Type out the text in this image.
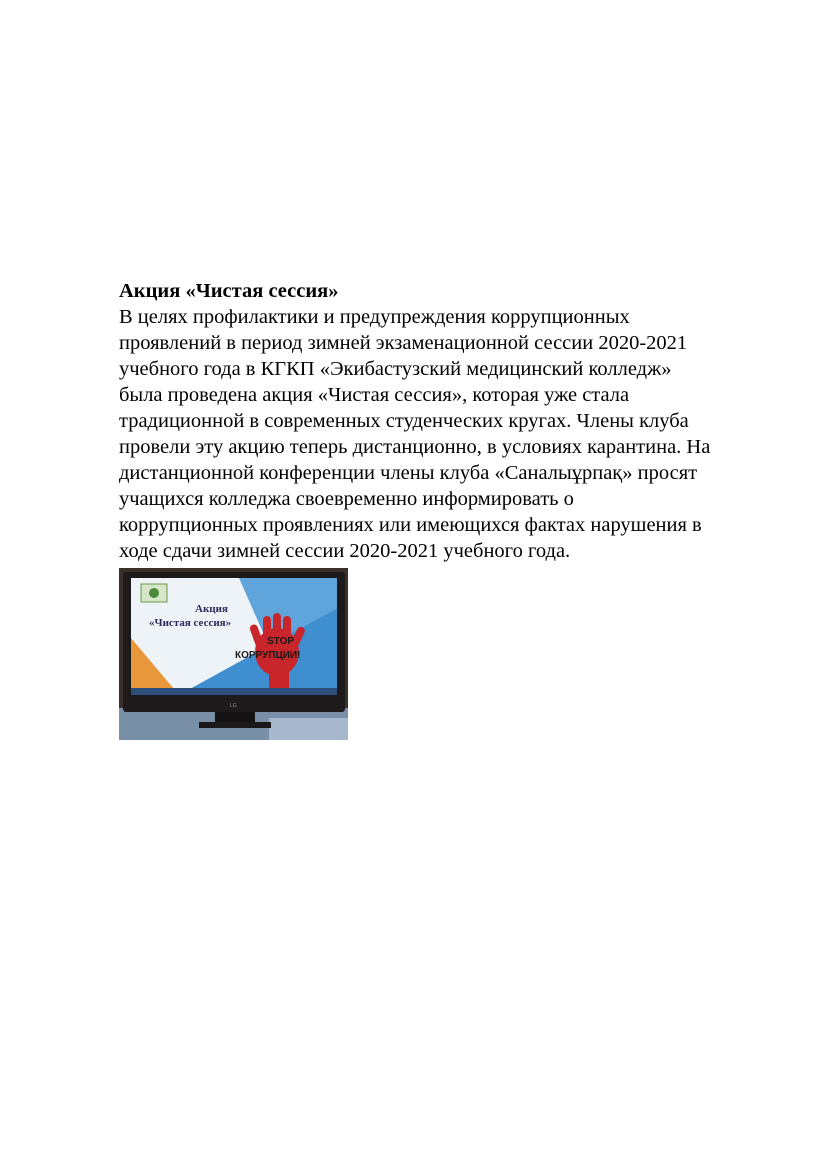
Акция «Чистая сессия»
В целях профилактики и предупреждения коррупционных
проявлений в период зимней экзаменационной сессии 2020-2021
учебного года в КГКП «Экибастузский медицинский колледж»
была проведена акция «Чистая сессия», которая уже стала
традиционной в современных студенческих кругах. Члены клуба
провели эту акцию теперь дистанционно, в условиях карантина. На
дистанционной конференции члены клуба «Саналыұрпақ» просят
учащихся колледжа своевременно информировать о
коррупционных проявлениях или имеющихся фактах нарушения в
ходе сдачи зимней сессии 2020-2021 учебного года.
Акция
«Чистая сессия»
STOP
КОРРУПЦИИ!
LG
